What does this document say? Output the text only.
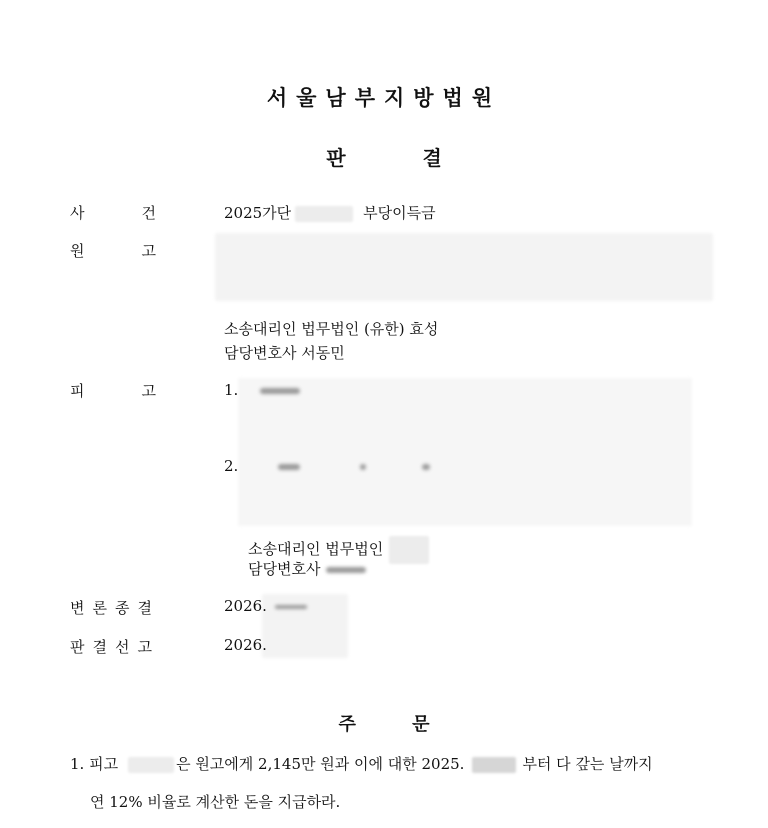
서울남부지방법원
판 결
사	건	2025가단	부당이득금
원	고
소송대리인 법무법인 (유한) 효성
담당변호사 서동민
피	고	1.
2.
소송대리인 법무법인
담당변호사
변론종결	2026.
판결선고	2026.
주 문
1. 피고	은 원고에게 2,145만 원과 이에 대한 2025.	부터 다 갚는 날까지
연 12% 비율로 계산한 돈을 지급하라.
